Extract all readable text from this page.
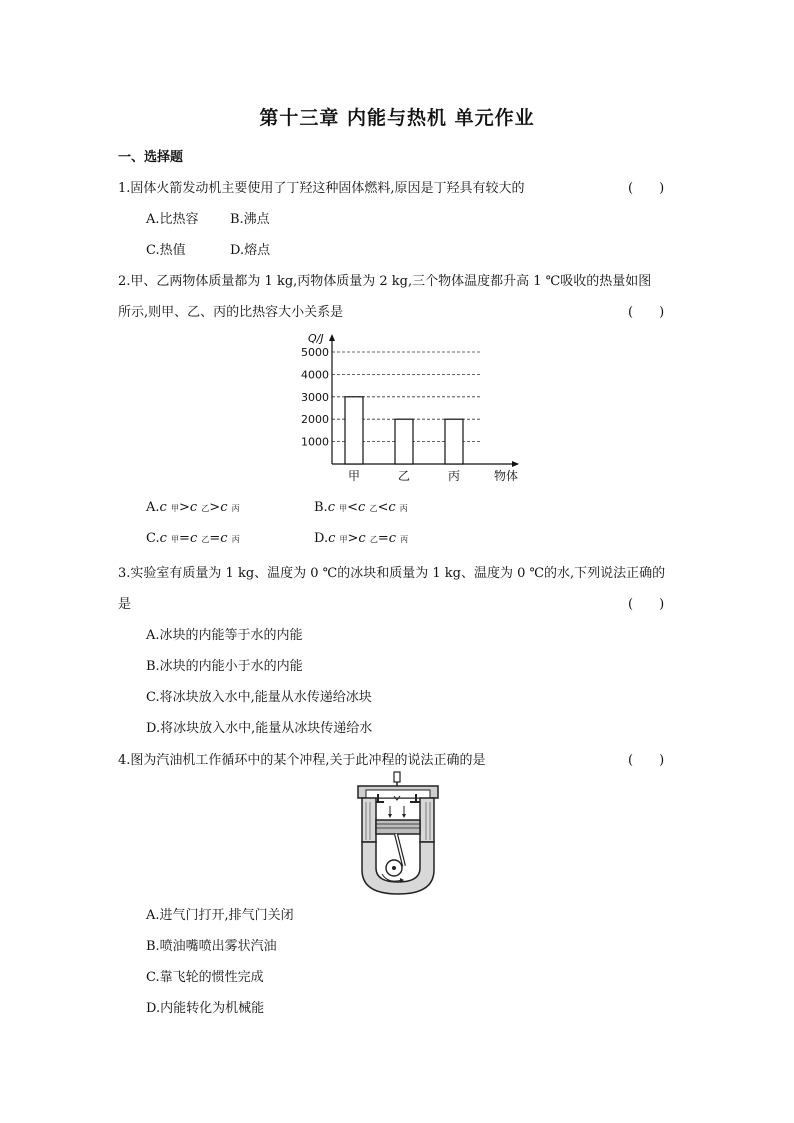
第十三章 内能与热机 单元作业
一、选择题
1.固体火箭发动机主要使用了丁羟这种固体燃料,原因是丁羟具有较大的	(　　)
A.比热容 B.沸点
C.热值	D.熔点
2.甲、乙两物体质量都为 1 kg,丙物体质量为 2 kg,三个物体温度都升高 1 ℃吸收的热量如图
所示,则甲、乙、丙的比热容大小关系是	(　　)
1000
2000
3000
4000
5000
Q/J
物体
甲	乙	丙
A.c 甲>c 乙>c 丙	B.c 甲<c 乙<c 丙
C.c 甲=c 乙=c 丙	D.c 甲>c 乙=c 丙
3.实验室有质量为 1 kg、温度为 0 ℃的冰块和质量为 1 kg、温度为 0 ℃的水,下列说法正确的
是	(　　)
A.冰块的内能等于水的内能
B.冰块的内能小于水的内能
C.将冰块放入水中,能量从水传递给冰块
D.将冰块放入水中,能量从冰块传递给水
4.图为汽油机工作循环中的某个冲程,关于此冲程的说法正确的是	(　　)
A.进气门打开,排气门关闭
B.喷油嘴喷出雾状汽油
C.靠飞轮的惯性完成
D.内能转化为机械能
